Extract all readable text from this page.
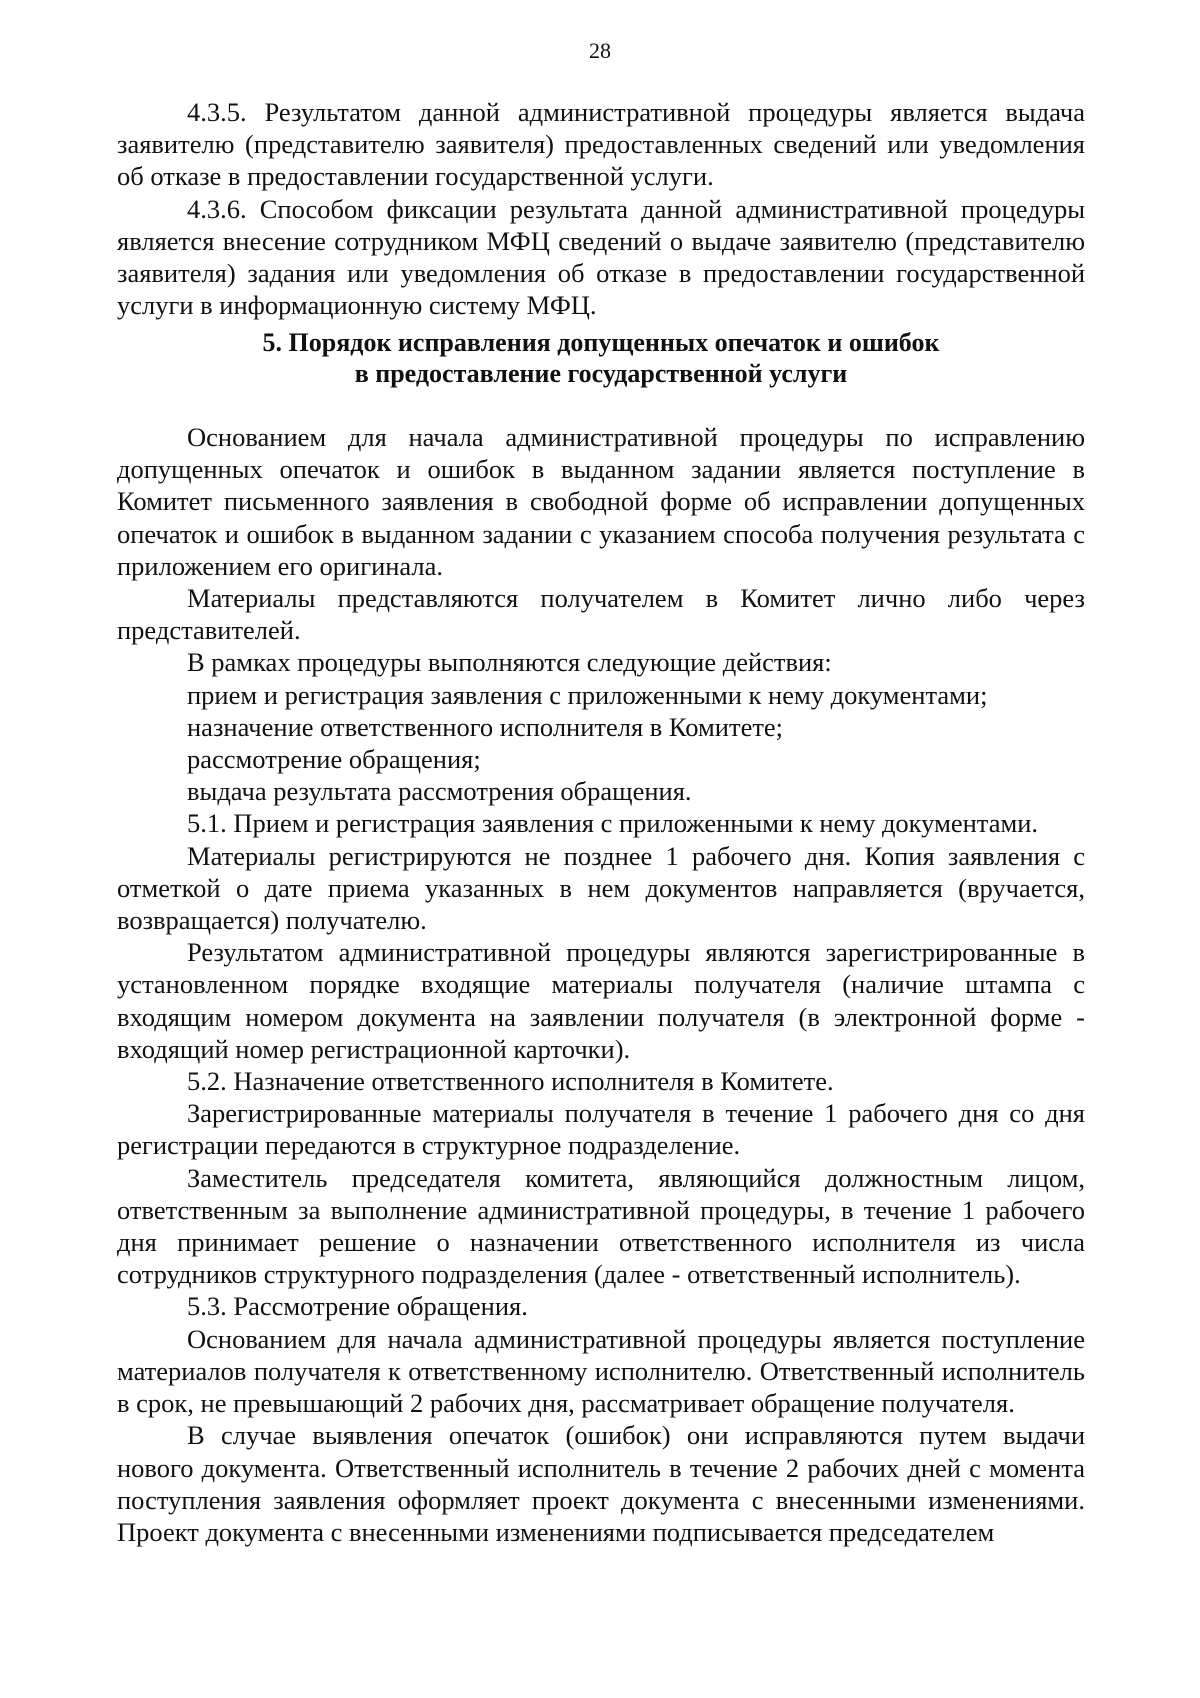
28

4.3.5. Результатом данной административной процедуры является выдача заявителю (представителю заявителя) предоставленных сведений или уведомления об отказе в предоставлении государственной услуги.

4.3.6. Способом фиксации результата данной административной процедуры является внесение сотрудником МФЦ сведений о выдаче заявителю (представителю заявителя) задания или уведомления об отказе в предоставлении государственной услуги в информационную систему МФЦ.

5. Порядок исправления допущенных опечаток и ошибок
в предоставление государственной услуги

Основанием для начала административной процедуры по исправлению допущенных опечаток и ошибок в выданном задании является поступление в Комитет письменного заявления в свободной форме об исправлении допущенных опечаток и ошибок в выданном задании с указанием способа получения результата с приложением его оригинала.

Материалы представляются получателем в Комитет лично либо через представителей.

В рамках процедуры выполняются следующие действия:

прием и регистрация заявления с приложенными к нему документами;

назначение ответственного исполнителя в Комитете;

рассмотрение обращения;

выдача результата рассмотрения обращения.

5.1. Прием и регистрация заявления с приложенными к нему документами.

Материалы регистрируются не позднее 1 рабочего дня. Копия заявления с отметкой о дате приема указанных в нем документов направляется (вручается, возвращается) получателю.

Результатом административной процедуры являются зарегистрированные в установленном порядке входящие материалы получателя (наличие штампа с входящим номером документа на заявлении получателя (в электронной форме - входящий номер регистрационной карточки).

5.2. Назначение ответственного исполнителя в Комитете.

Зарегистрированные материалы получателя в течение 1 рабочего дня со дня регистрации передаются в структурное подразделение.

Заместитель председателя комитета, являющийся должностным лицом, ответственным за выполнение административной процедуры, в течение 1 рабочего дня принимает решение о назначении ответственного исполнителя из числа сотрудников структурного подразделения (далее - ответственный исполнитель).

5.3. Рассмотрение обращения.

Основанием для начала административной процедуры является поступление материалов получателя к ответственному исполнителю. Ответственный исполнитель в срок, не превышающий 2 рабочих дня, рассматривает обращение получателя.

В случае выявления опечаток (ошибок) они исправляются путем выдачи нового документа. Ответственный исполнитель в течение 2 рабочих дней с момента поступления заявления оформляет проект документа с внесенными изменениями. Проект документа с внесенными изменениями подписывается председателем
